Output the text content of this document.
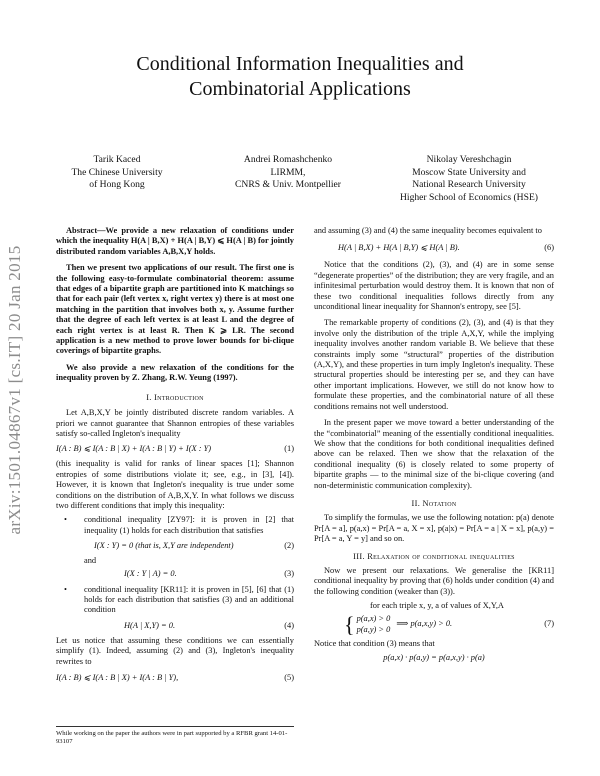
Conditional Information Inequalities and
Combinatorial Applications
Tarik Kaced
The Chinese University
of Hong Kong
Andrei Romashchenko
LIRMM,
CNRS & Univ. Montpellier
Nikolay Vereshchagin
Moscow State University and
National Research University
Higher School of Economics (HSE)
arXiv:1501.04867v1 [cs.IT] 20 Jan 2015

Abstract—We provide a new relaxation of conditions under which the inequality H(A | B,X) + H(A | B,Y) ⩽ H(A | B) for jointly distributed random variables A,B,X,Y holds.

Then we present two applications of our result. The first one is the following easy-to-formulate combinatorial theorem: assume that edges of a bipartite graph are partitioned into K matchings so that for each pair (left vertex x, right vertex y) there is at most one matching in the partition that involves both x, y. Assume further that the degree of each left vertex is at least L and the degree of each right vertex is at least R. Then K ⩾ LR. The second application is a new method to prove lower bounds for bi-clique coverings of bipartite graphs.

We also provide a new relaxation of the conditions for the inequality proven by Z. Zhang, R.W. Yeung (1997).

I. Introduction

Let A,B,X,Y be jointly distributed discrete random variables. A priori we cannot guarantee that Shannon entropies of these variables satisfy so-called Ingleton's inequality

I(A : B) ⩽ I(A : B | X) + I(A : B | Y) + I(X : Y)	(1)

(this inequality is valid for ranks of linear spaces [1]; Shannon entropies of some distributions violate it; see, e.g., in [3], [4]). However, it is known that Ingleton's inequality is true under some conditions on the distribution of A,B,X,Y. In what follows we discuss two different conditions that imply this inequality:

• conditional inequality [ZY97]: it is proven in [2] that inequality (1) holds for each distribution that satisfies

I(X : Y) = 0 (that is, X,Y are independent)	(2)

and

I(X : Y | A) = 0.	(3)
• conditional inequality [KR11]: it is proven in [5], [6] that (1) holds for each distribution that satisfies (3) and an additional condition

H(A | X,Y) = 0.	(4)

Let us notice that assuming these conditions we can essentially simplify (1). Indeed, assuming (2) and (3), Ingleton's inequality rewrites to

I(A : B) ⩽ I(A : B | X) + I(A : B | Y),	(5)
While working on the paper the authors were in part supported by a RFBR grant 14-01-93107

and assuming (3) and (4) the same inequality becomes equivalent to

H(A | B,X) + H(A | B,Y) ⩽ H(A | B).	(6)

Notice that the conditions (2), (3), and (4) are in some sense “degenerate properties” of the distribution; they are very fragile, and an infinitesimal perturbation would destroy them. It is known that non of these two conditional inequalities follows directly from any unconditional linear inequality for Shannon's entropy, see [5].

The remarkable property of conditions (2), (3), and (4) is that they involve only the distribution of the triple A,X,Y, while the implying inequality involves another random variable B. We believe that these constraints imply some “structural” properties of the distribution (A,X,Y), and these properties in turn imply Ingleton's inequality. These structural properties should be interesting per se, and they can have other important implications. However, we still do not know how to formulate these properties, and the combinatorial nature of all these conditions remains not well understood.

In the present paper we move toward a better understanding of the the “combinatorial” meaning of the essentially conditional inequalities. We show that the conditions for both conditional inequalities defined above can be relaxed. Then we show that the relaxation of the conditional inequality (6) is closely related to some property of bipartite graphs — to the minimal size of the bi-clique covering (and non-deterministic communication complexity).

II. Notation

To simplify the formulas, we use the following notation: p(a) denote Pr[A = a], p(a,x) = Pr[A = a, X = x], p(a|x) = Pr[A = a | X = x], p(a,y) = Pr[A = a, Y = y] and so on.

III. Relaxation of conditional inequalities

Now we present our relaxations. We generalise the [KR11] conditional inequality by proving that (6) holds under condition (4) and the following condition (weaker than (3)).

for each triple x, y, a of values of X,Y,A
{ p(a,x) > 0
p(a,y) > 0
⟹ p(a,x,y) > 0.	(7)

Notice that condition (3) means that

p(a,x) · p(a,y) = p(a,x,y) · p(a)
